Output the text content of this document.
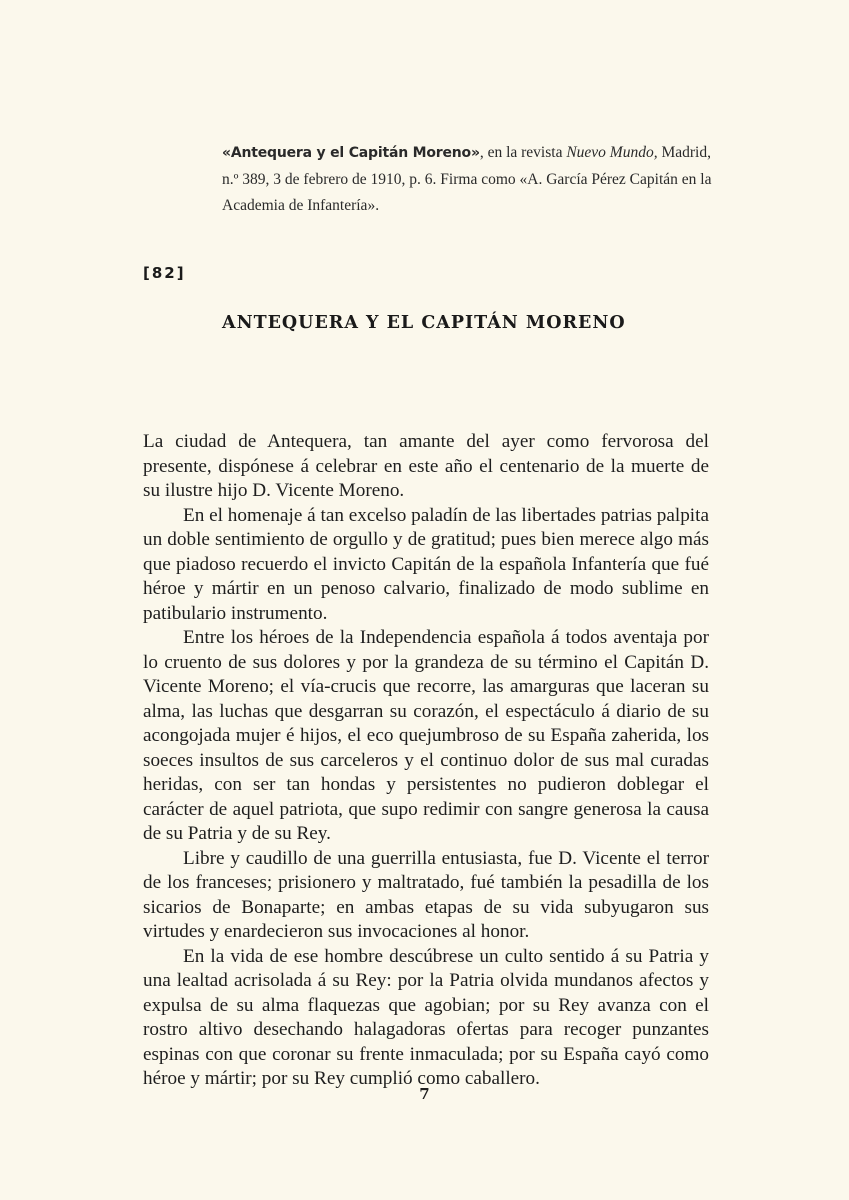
«Antequera y el Capitán Moreno», en la revista Nuevo Mundo, Madrid, n.º 389, 3 de febrero de 1910, p. 6. Firma como «A. García Pérez Capitán en la Academia de Infantería».
[82]
ANTEQUERA Y EL CAPITÁN MORENO

La ciudad de Antequera, tan amante del ayer como fervorosa del presente, dispónese á celebrar en este año el centenario de la muerte de su ilustre hijo D. Vicente Moreno.

En el homenaje á tan excelso paladín de las libertades patrias palpita un doble sentimiento de orgullo y de gratitud; pues bien merece algo más que piadoso recuerdo el invicto Capitán de la española Infantería que fué héroe y mártir en un penoso calvario, finalizado de modo sublime en patibulario instrumento.

Entre los héroes de la Independencia española á todos aventaja por lo cruento de sus dolores y por la grandeza de su término el Capitán D. Vicente Moreno; el vía-crucis que recorre, las amarguras que laceran su alma, las luchas que desgarran su corazón, el espectáculo á diario de su acongojada mujer é hijos, el eco quejumbroso de su España zaherida, los soeces insultos de sus carceleros y el continuo dolor de sus mal curadas heridas, con ser tan hondas y persistentes no pudieron doblegar el carácter de aquel patriota, que supo redimir con sangre generosa la causa de su Patria y de su Rey.

Libre y caudillo de una guerrilla entusiasta, fue D. Vicente el terror de los franceses; prisionero y maltratado, fué también la pesadilla de los sicarios de Bonaparte; en ambas etapas de su vida subyugaron sus virtudes y enardecieron sus invocaciones al honor.

En la vida de ese hombre descúbrese un culto sentido á su Patria y una lealtad acrisolada á su Rey: por la Patria olvida mundanos afectos y expulsa de su alma flaquezas que agobian; por su Rey avanza con el rostro altivo desechando halagadoras ofertas para recoger punzantes espinas con que coronar su frente inmaculada; por su España cayó como héroe y mártir; por su Rey cumplió como caballero.

7
